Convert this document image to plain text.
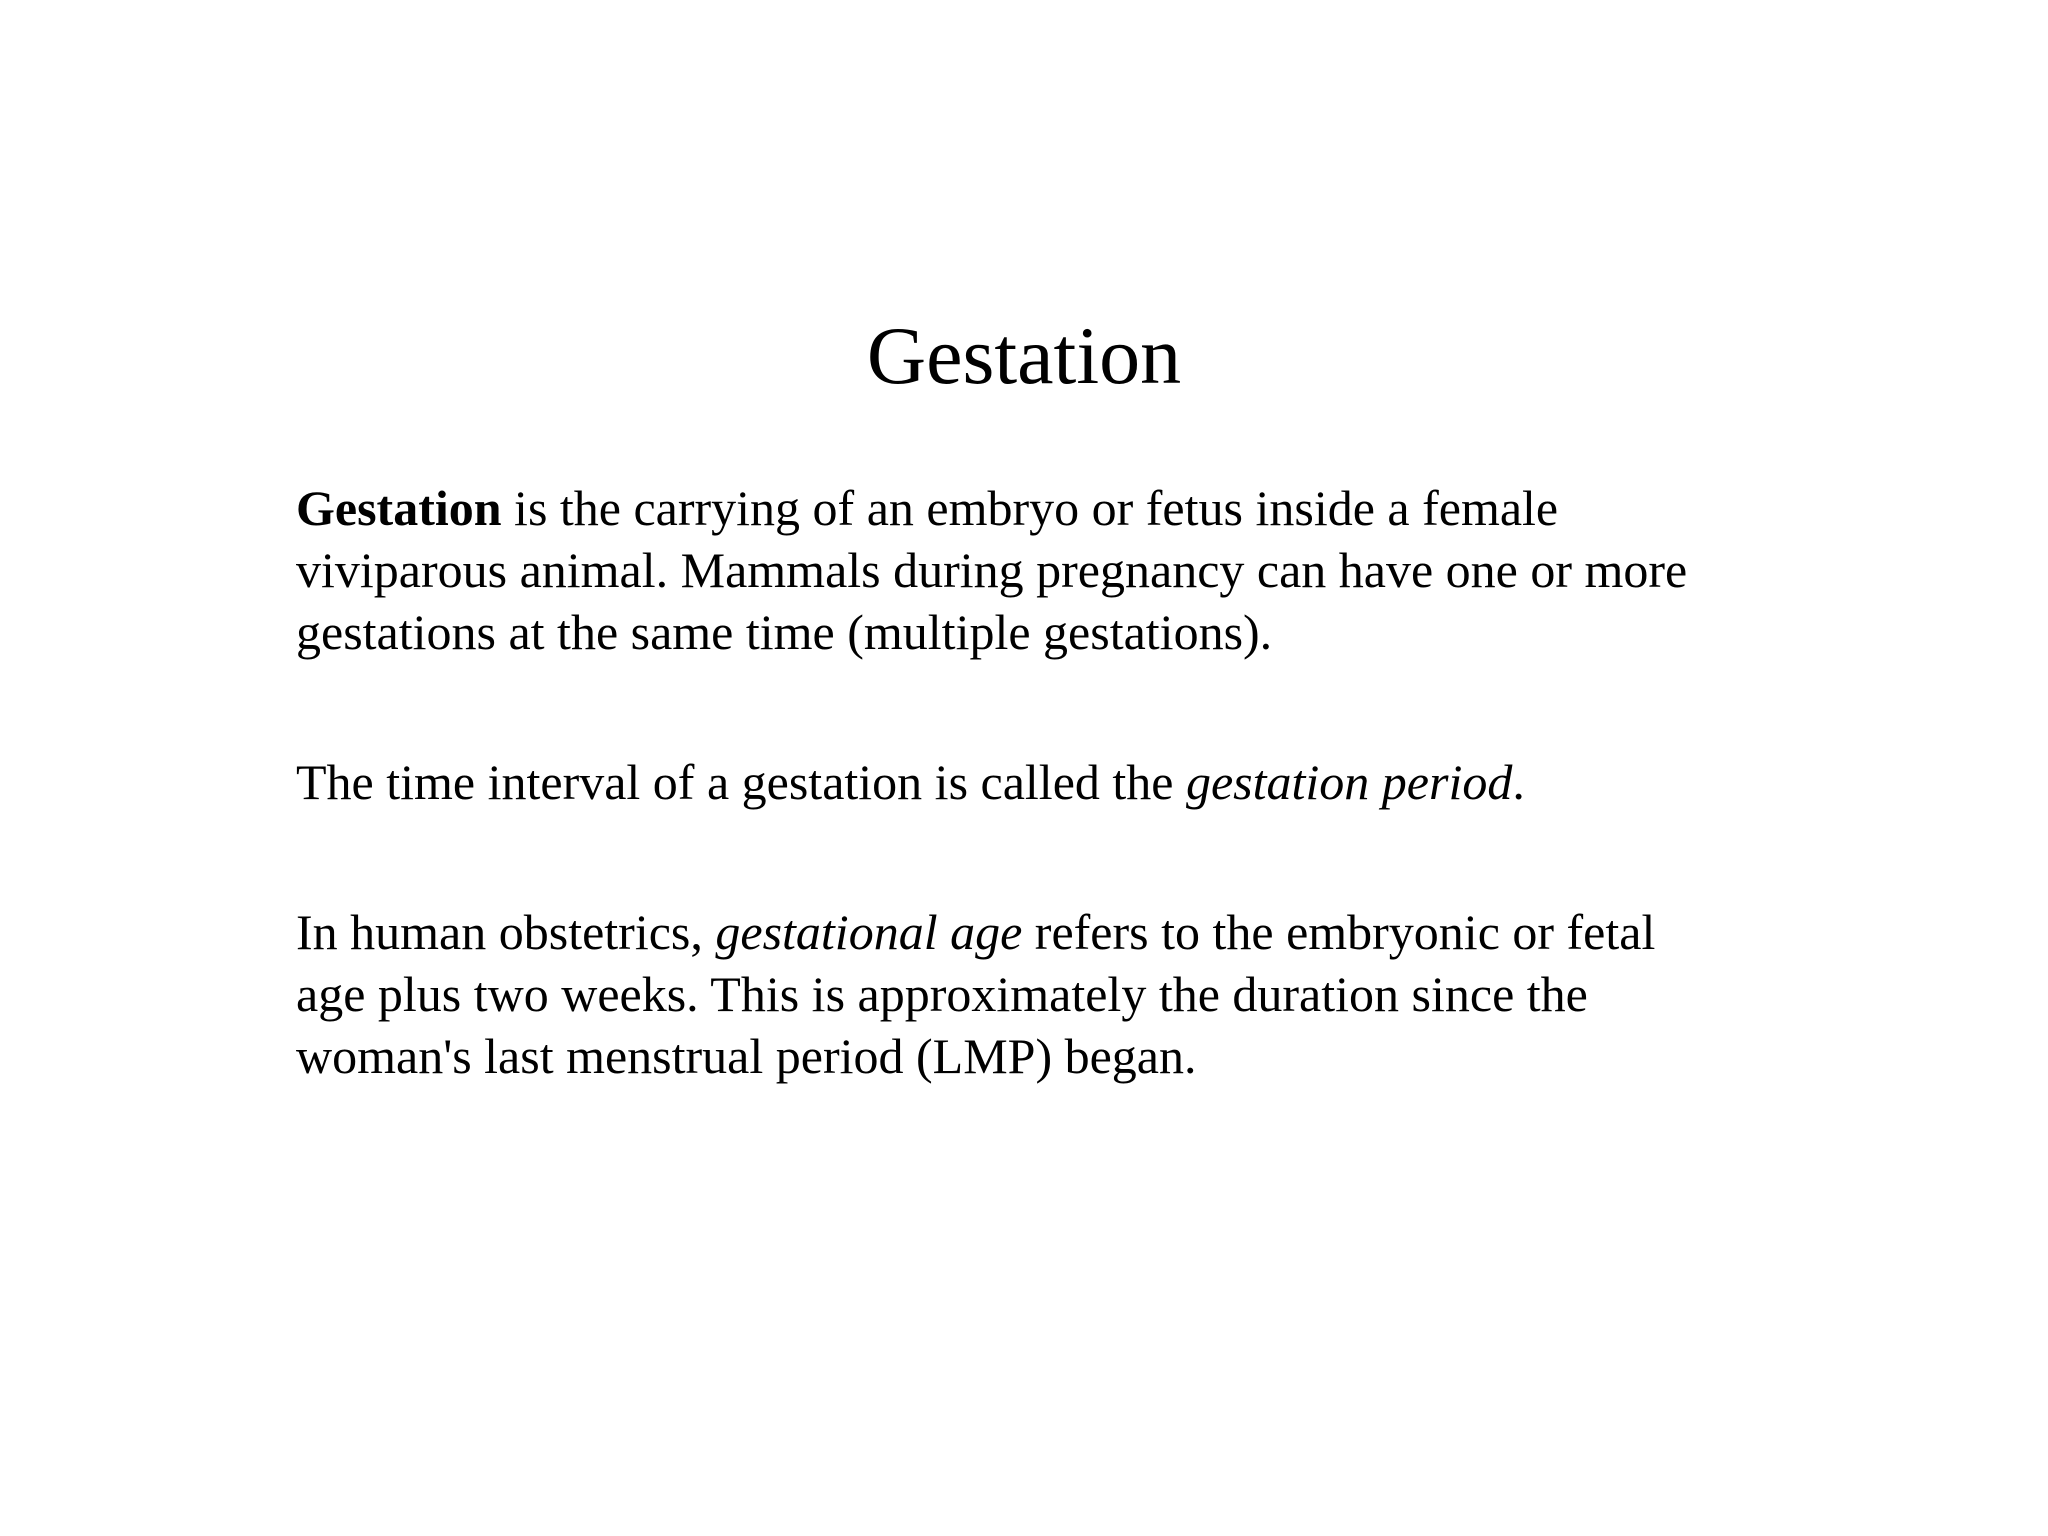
Gestation

Gestation is the carrying of an embryo or fetus inside a female
viviparous animal. Mammals during pregnancy can have one or more
gestations at the same time (multiple gestations).

The time interval of a gestation is called the gestation period.

In human obstetrics, gestational age refers to the embryonic or fetal
age plus two weeks. This is approximately the duration since the
woman's last menstrual period (LMP) began.
